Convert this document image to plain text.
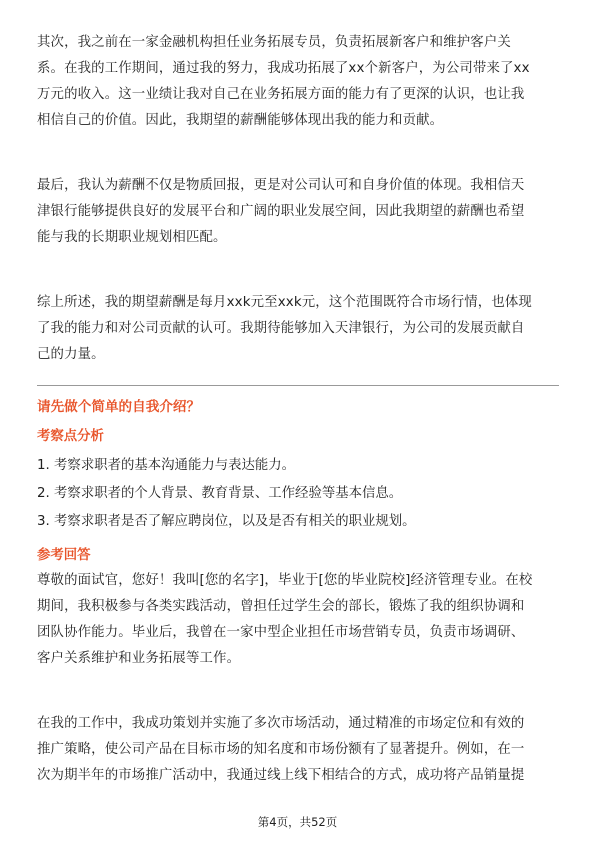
其次，我之前在一家金融机构担任业务拓展专员，负责拓展新客户和维护客户关
系。在我的工作期间，通过我的努力，我成功拓展了xx个新客户，为公司带来了xx
万元的收入。这一业绩让我对自己在业务拓展方面的能力有了更深的认识，也让我
相信自己的价值。因此，我期望的薪酬能够体现出我的能力和贡献。
最后，我认为薪酬不仅是物质回报，更是对公司认可和自身价值的体现。我相信天
津银行能够提供良好的发展平台和广阔的职业发展空间，因此我期望的薪酬也希望
能与我的长期职业规划相匹配。
综上所述，我的期望薪酬是每月xxk元至xxk元，这个范围既符合市场行情，也体现
了我的能力和对公司贡献的认可。我期待能够加入天津银行，为公司的发展贡献自
己的力量。
请先做个简单的自我介绍？
考察点分析
1. 考察求职者的基本沟通能力与表达能力。
2. 考察求职者的个人背景、教育背景、工作经验等基本信息。
3. 考察求职者是否了解应聘岗位，以及是否有相关的职业规划。
参考回答
尊敬的面试官，您好！我叫[您的名字]，毕业于[您的毕业院校]经济管理专业。在校
期间，我积极参与各类实践活动，曾担任过学生会的部长，锻炼了我的组织协调和
团队协作能力。毕业后，我曾在一家中型企业担任市场营销专员，负责市场调研、
客户关系维护和业务拓展等工作。
在我的工作中，我成功策划并实施了多次市场活动，通过精准的市场定位和有效的
推广策略，使公司产品在目标市场的知名度和市场份额有了显著提升。例如，在一
次为期半年的市场推广活动中，我通过线上线下相结合的方式，成功将产品销量提
第4页，共52页
